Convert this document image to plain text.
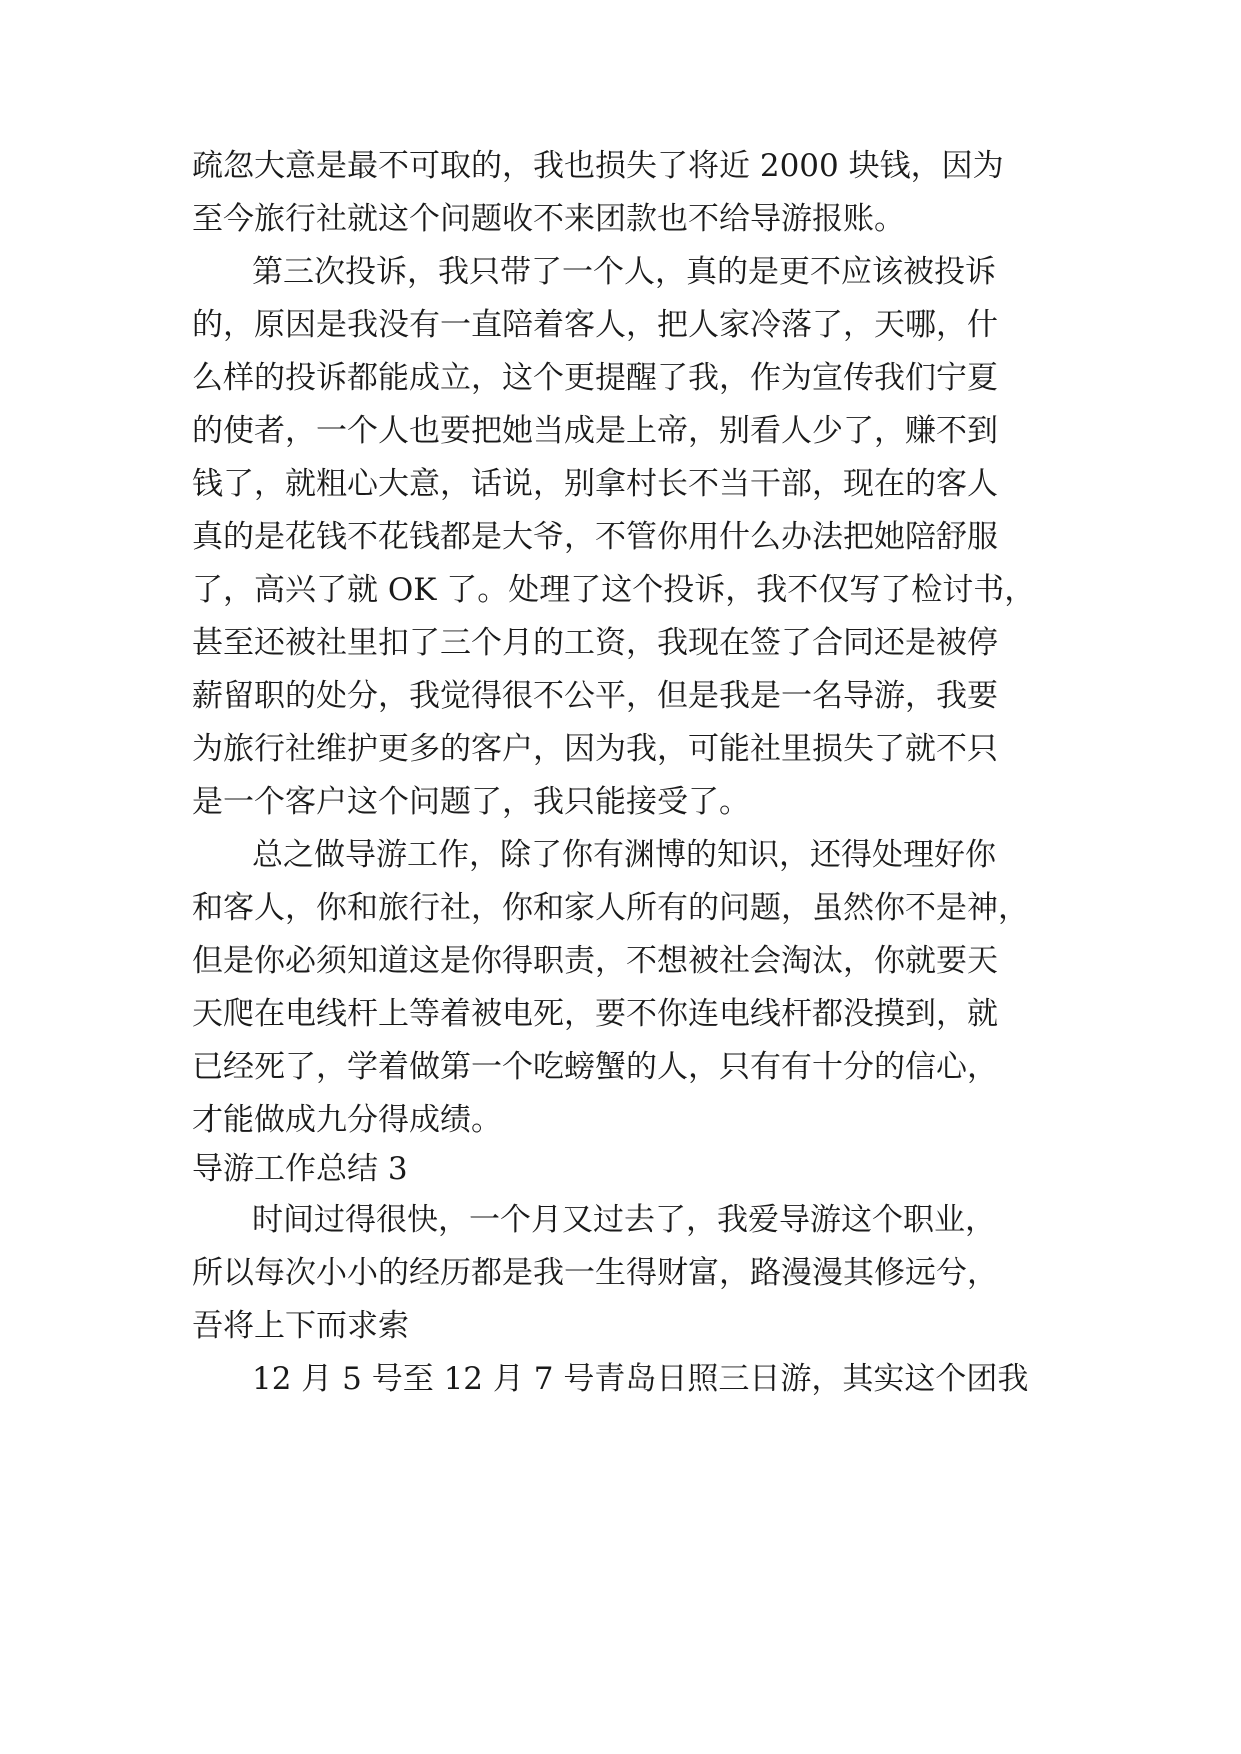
疏忽大意是最不可取的，我也损失了将近 2000 块钱，因为
至今旅行社就这个问题收不来团款也不给导游报账。
第三次投诉，我只带了一个人，真的是更不应该被投诉
的，原因是我没有一直陪着客人，把人家冷落了，天哪，什
么样的投诉都能成立，这个更提醒了我，作为宣传我们宁夏
的使者，一个人也要把她当成是上帝，别看人少了，赚不到
钱了，就粗心大意，话说，别拿村长不当干部，现在的客人
真的是花钱不花钱都是大爷，不管你用什么办法把她陪舒服
了，高兴了就 OK 了。处理了这个投诉，我不仅写了检讨书，
甚至还被社里扣了三个月的工资，我现在签了合同还是被停
薪留职的处分，我觉得很不公平，但是我是一名导游，我要
为旅行社维护更多的客户，因为我，可能社里损失了就不只
是一个客户这个问题了，我只能接受了。
总之做导游工作，除了你有渊博的知识，还得处理好你
和客人，你和旅行社，你和家人所有的问题，虽然你不是神，
但是你必须知道这是你得职责，不想被社会淘汰，你就要天
天爬在电线杆上等着被电死，要不你连电线杆都没摸到，就
已经死了，学着做第一个吃螃蟹的人，只有有十分的信心，
才能做成九分得成绩。
导游工作总结 3
时间过得很快，一个月又过去了，我爱导游这个职业，
所以每次小小的经历都是我一生得财富，路漫漫其修远兮，
吾将上下而求索
12 月 5 号至 12 月 7 号青岛日照三日游，其实这个团我
